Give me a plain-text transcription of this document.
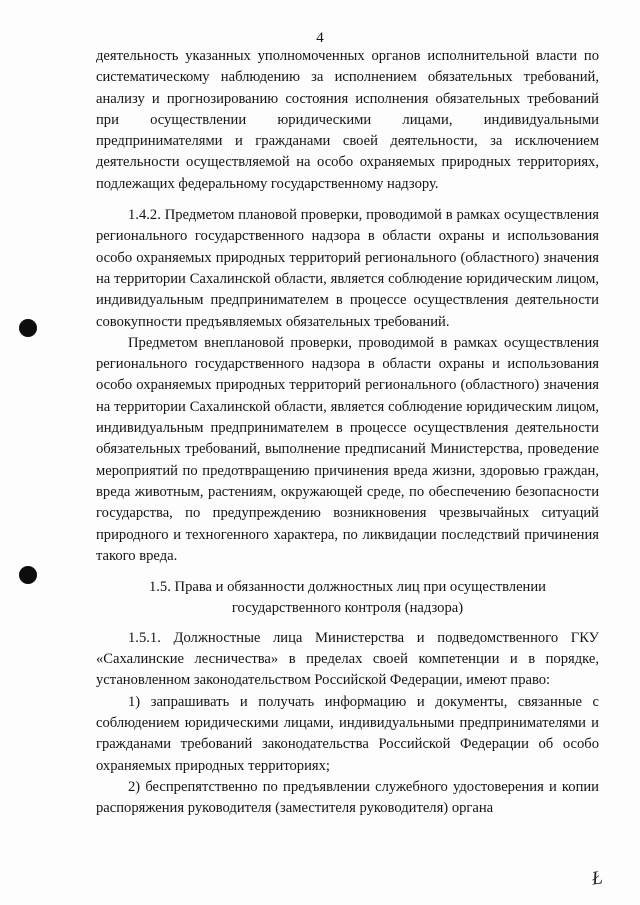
4

деятельность указанных уполномоченных органов исполнительной власти по систематическому наблюдению за исполнением обязательных требований, анализу и прогнозированию состояния исполнения обязательных требований при осуществлении юридическими лицами, индивидуальными предпринимателями и гражданами своей деятельности, за исключением деятельности осуществляемой на особо охраняемых природных территориях, подлежащих федеральному государственному надзору.

1.4.2. Предметом плановой проверки, проводимой в рамках осуществления регионального государственного надзора в области охраны и использования особо охраняемых природных территорий регионального (областного) значения на территории Сахалинской области, является соблюдение юридическим лицом, индивидуальным предпринимателем в процессе осуществления деятельности совокупности предъявляемых обязательных требований.

Предметом внеплановой проверки, проводимой в рамках осуществления регионального государственного надзора в области охраны и использования особо охраняемых природных территорий регионального (областного) значения на территории Сахалинской области, является соблюдение юридическим лицом, индивидуальным предпринимателем в процессе осуществления деятельности обязательных требований, выполнение предписаний Министерства, проведение мероприятий по предотвращению причинения вреда жизни, здоровью граждан, вреда животным, растениям, окружающей среде, по обеспечению безопасности государства, по предупреждению возникновения чрезвычайных ситуаций природного и техногенного характера, по ликвидации последствий причинения такого вреда.

1.5. Права и обязанности должностных лиц при осуществлении
государственного контроля (надзора)

1.5.1. Должностные лица Министерства и подведомственного ГКУ «Сахалинские лесничества» в пределах своей компетенции и в порядке, установленном законодательством Российской Федерации, имеют право:

1) запрашивать и получать информацию и документы, связанные с соблюдением юридическими лицами, индивидуальными предпринимателями и гражданами требований законодательства Российской Федерации об особо охраняемых природных территориях;

2) беспрепятственно по предъявлении служебного удостоверения и копии распоряжения руководителя (заместителя руководителя) органа

Ł
